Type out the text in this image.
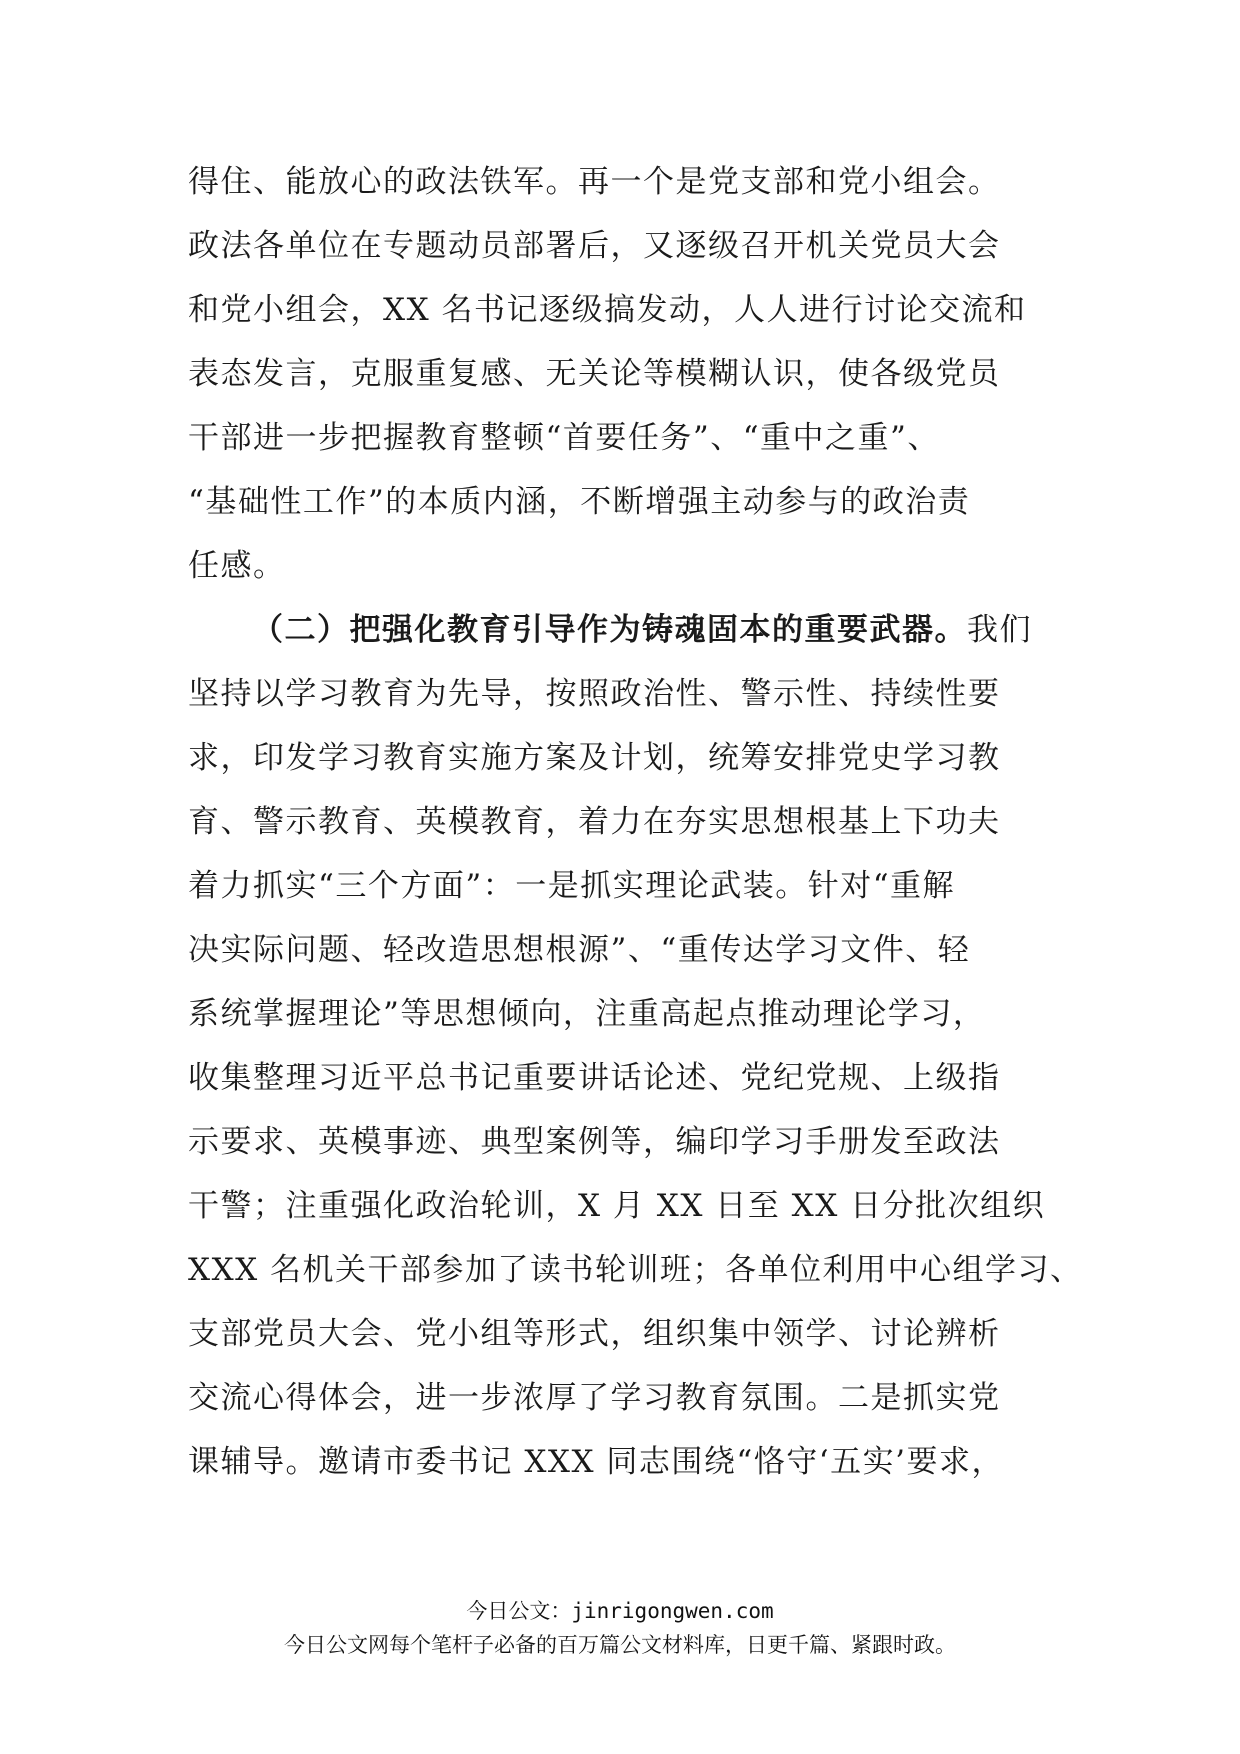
得住、能放心的政法铁军。再一个是党支部和党小组会。
政法各单位在专题动员部署后，又逐级召开机关党员大会
和党小组会，XX 名书记逐级搞发动，人人进行讨论交流和
表态发言，克服重复感、无关论等模糊认识，使各级党员
干部进一步把握教育整顿“首要任务”、“重中之重”、
“基础性工作”的本质内涵，不断增强主动参与的政治责
任感。
（二）把强化教育引导作为铸魂固本的重要武器。我们
坚持以学习教育为先导，按照政治性、警示性、持续性要
求，印发学习教育实施方案及计划，统筹安排党史学习教
育、警示教育、英模教育，着力在夯实思想根基上下功夫
着力抓实“三个方面”：一是抓实理论武装。针对“重解
决实际问题、轻改造思想根源”、“重传达学习文件、轻
系统掌握理论”等思想倾向，注重高起点推动理论学习，
收集整理习近平总书记重要讲话论述、党纪党规、上级指
示要求、英模事迹、典型案例等，编印学习手册发至政法
干警；注重强化政治轮训，X 月 XX 日至 XX 日分批次组织
XXX 名机关干部参加了读书轮训班；各单位利用中心组学习、
支部党员大会、党小组等形式，组织集中领学、讨论辨析
交流心得体会，进一步浓厚了学习教育氛围。二是抓实党
课辅导。邀请市委书记 XXX 同志围绕“恪守‘五实’要求，
今日公文：jinrigongwen.com
今日公文网每个笔杆子必备的百万篇公文材料库，日更千篇、紧跟时政。
